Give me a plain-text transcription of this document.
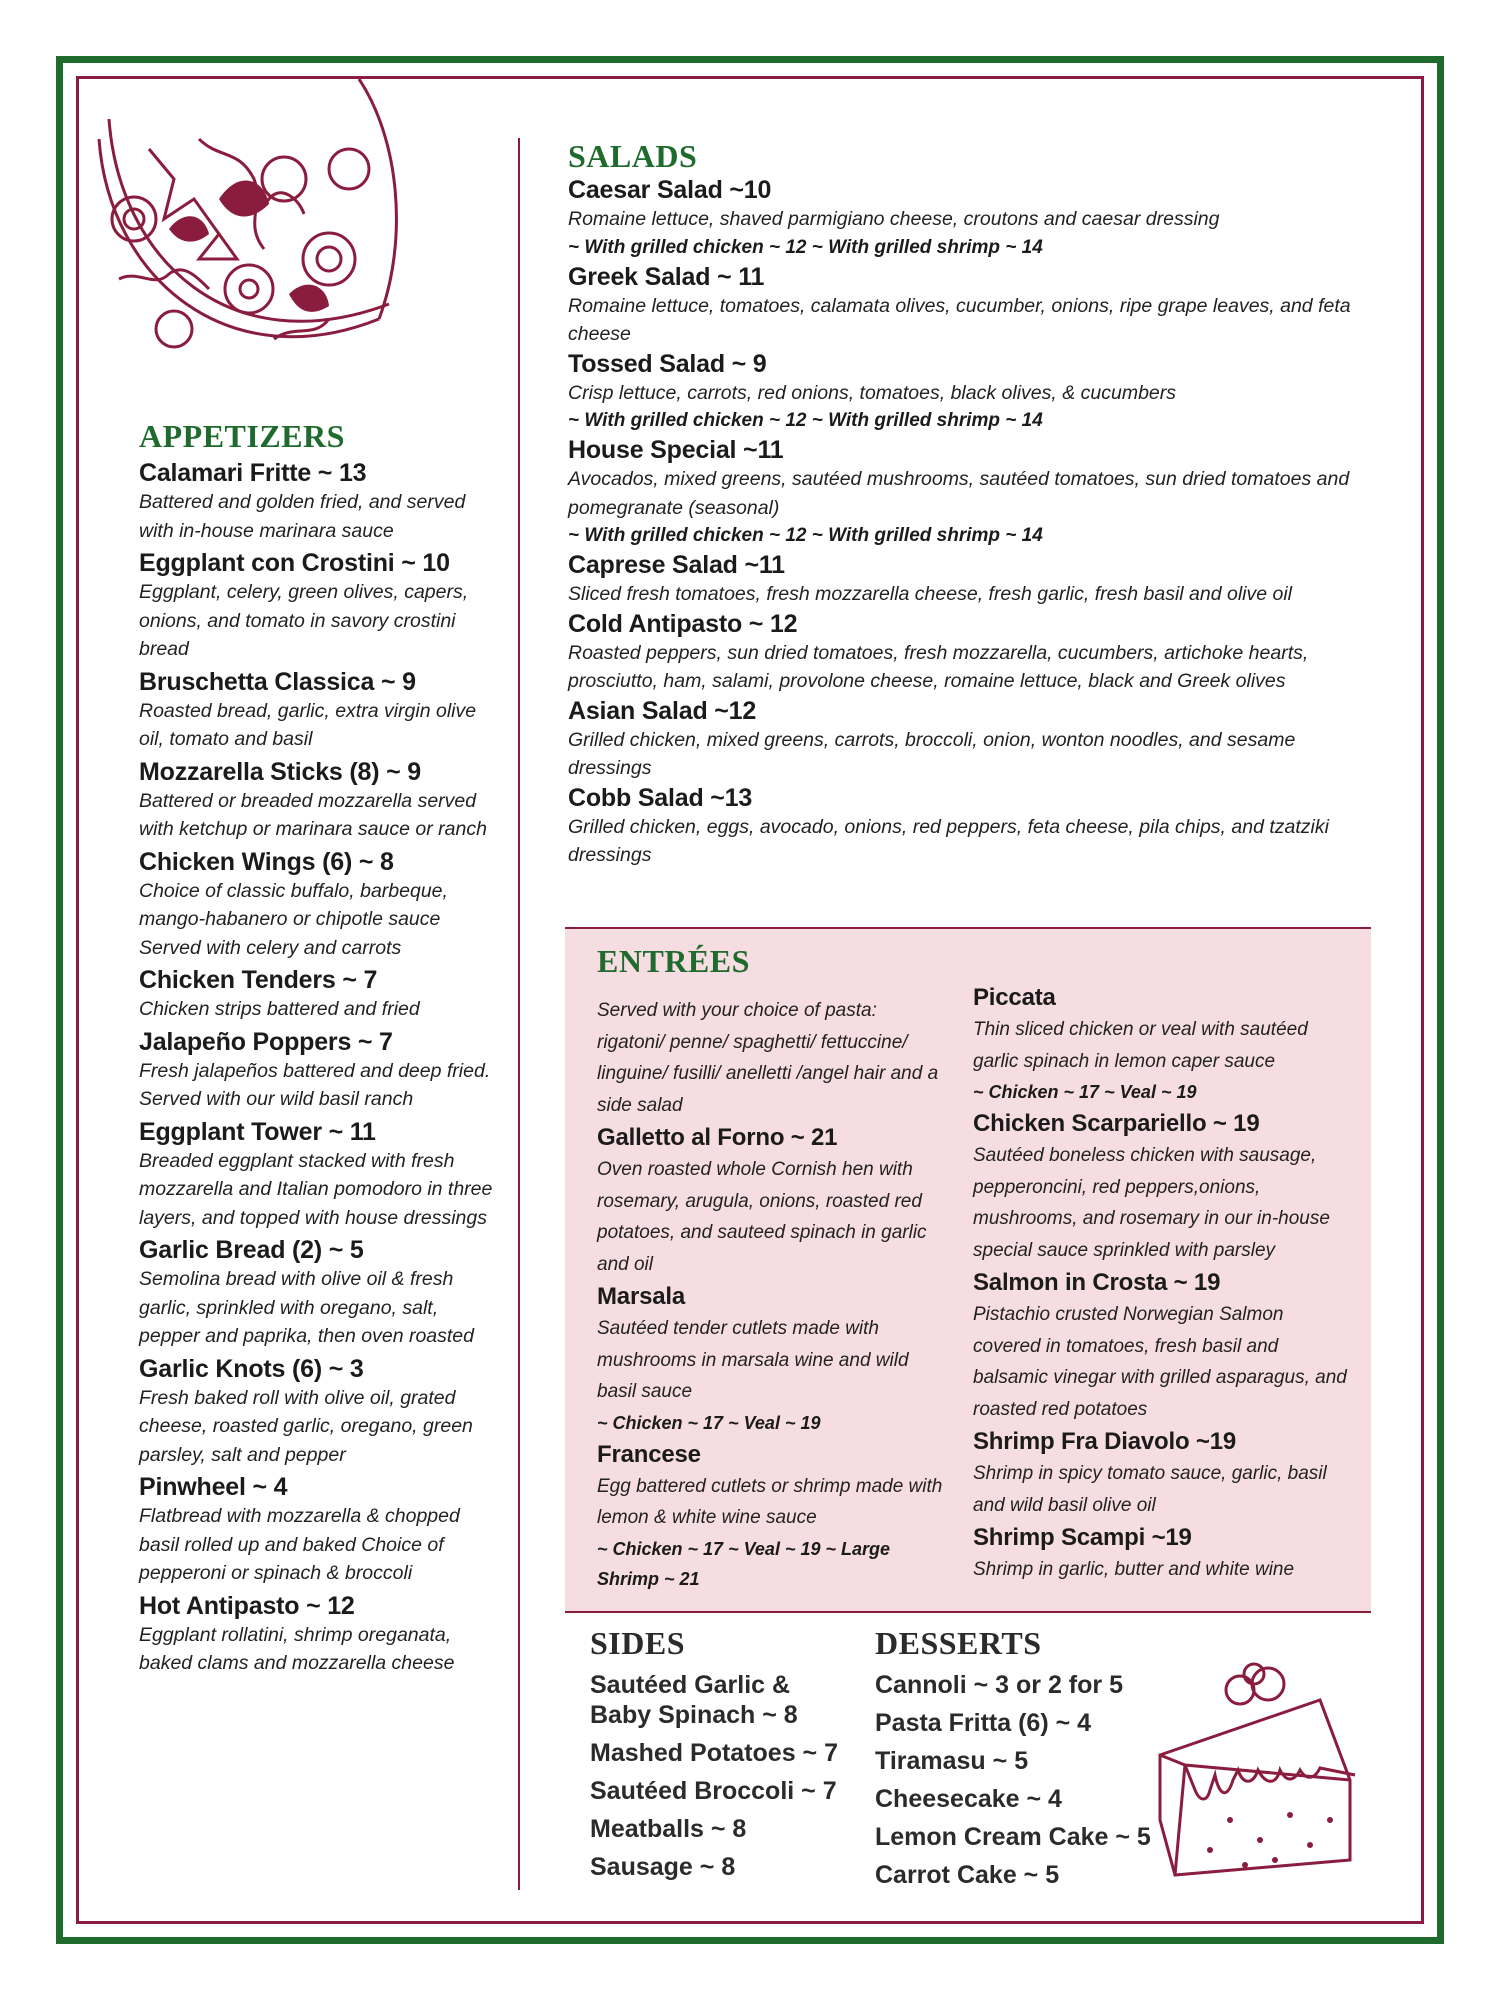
APPETIZERS

Calamari Fritte ~ 13

Battered and golden fried, and served with in-house marinara sauce

Eggplant con Crostini ~ 10

Eggplant, celery, green olives, capers, onions, and tomato in savory crostini bread

Bruschetta Classica ~ 9

Roasted bread, garlic, extra virgin olive oil, tomato and basil

Mozzarella Sticks (8) ~ 9

Battered or breaded mozzarella served with ketchup or marinara sauce or ranch

Chicken Wings (6) ~ 8

Choice of classic buffalo, barbeque, mango-habanero or chipotle sauce Served with celery and carrots

Chicken Tenders ~ 7

Chicken strips battered and fried

Jalapeño Poppers ~ 7

Fresh jalapeños battered and deep fried. Served with our wild basil ranch

Eggplant Tower ~ 11

Breaded eggplant stacked with fresh mozzarella and Italian pomodoro in three layers, and topped with house dressings

Garlic Bread (2) ~ 5

Semolina bread with olive oil & fresh garlic, sprinkled with oregano, salt, pepper and paprika, then oven roasted

Garlic Knots (6) ~ 3

Fresh baked roll with olive oil, grated cheese, roasted garlic, oregano, green parsley, salt and pepper

Pinwheel ~ 4

Flatbread with mozzarella & chopped basil rolled up and baked Choice of pepperoni or spinach & broccoli

Hot Antipasto ~ 12

Eggplant rollatini, shrimp oreganata, baked clams and mozzarella cheese

SALADS

Caesar Salad ~10

Romaine lettuce, shaved parmigiano cheese, croutons and caesar dressing

~ With grilled chicken ~ 12 ~ With grilled shrimp ~ 14

Greek Salad ~ 11

Romaine lettuce, tomatoes, calamata olives, cucumber, onions, ripe grape leaves, and feta cheese

Tossed Salad ~ 9

Crisp lettuce, carrots, red onions, tomatoes, black olives, & cucumbers

~ With grilled chicken ~ 12 ~ With grilled shrimp ~ 14

House Special ~11

Avocados, mixed greens, sautéed mushrooms, sautéed tomatoes, sun dried tomatoes and pomegranate (seasonal)

~ With grilled chicken ~ 12 ~ With grilled shrimp ~ 14

Caprese Salad ~11

Sliced fresh tomatoes, fresh mozzarella cheese, fresh garlic, fresh basil and olive oil

Cold Antipasto ~ 12

Roasted peppers, sun dried tomatoes, fresh mozzarella, cucumbers, artichoke hearts, prosciutto, ham, salami, provolone cheese, romaine lettuce, black and Greek olives

Asian Salad ~12

Grilled chicken, mixed greens, carrots, broccoli, onion, wonton noodles, and sesame dressings

Cobb Salad ~13

Grilled chicken, eggs, avocado, onions, red peppers, feta cheese, pila chips, and tzatziki dressings

ENTRÉES

Served with your choice of pasta: rigatoni/ penne/ spaghetti/ fettuccine/ linguine/ fusilli/ anelletti /angel hair and a side salad

Galletto al Forno ~ 21

Oven roasted whole Cornish hen with rosemary, arugula, onions, roasted red potatoes, and sauteed spinach in garlic and oil

Marsala

Sautéed tender cutlets made with mushrooms in marsala wine and wild basil sauce

~ Chicken ~ 17 ~ Veal ~ 19

Francese

Egg battered cutlets or shrimp made with lemon & white wine sauce

~ Chicken ~ 17 ~ Veal ~ 19 ~ Large Shrimp ~ 21

Piccata

Thin sliced chicken or veal with sautéed garlic spinach in lemon caper sauce

~ Chicken ~ 17 ~ Veal ~ 19

Chicken Scarpariello ~ 19

Sautéed boneless chicken with sausage, pepperoncini, red peppers,onions, mushrooms, and rosemary in our in-house special sauce sprinkled with parsley

Salmon in Crosta ~ 19

Pistachio crusted Norwegian Salmon covered in tomatoes, fresh basil and balsamic vinegar with grilled asparagus, and roasted red potatoes

Shrimp Fra Diavolo ~19

Shrimp in spicy tomato sauce, garlic, basil and wild basil olive oil

Shrimp Scampi ~19

Shrimp in garlic, butter and white wine

SIDES

Sautéed Garlic & Baby Spinach ~ 8

Mashed Potatoes ~ 7

Sautéed Broccoli ~ 7

Meatballs ~ 8

Sausage ~ 8

DESSERTS

Cannoli ~ 3 or 2 for 5

Pasta Fritta (6) ~ 4

Tiramasu ~ 5

Cheesecake ~ 4

Lemon Cream Cake ~ 5

Carrot Cake ~ 5
